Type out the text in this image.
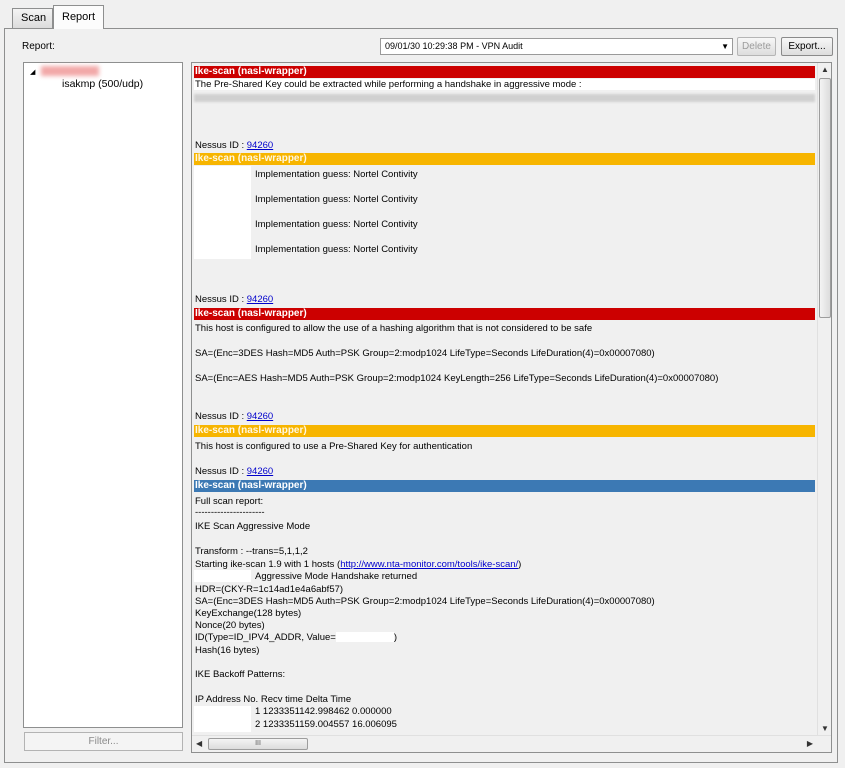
Scan	Report
Report:	09/01/30 10:29:38 PM - VPN Audit	▼	Delete	Export...
◢
isakmp (500/udp)
Filter...
Ike-scan (nasl-wrapper)
The Pre-Shared Key could be extracted while performing a handshake in aggressive mode :
Nessus ID : 94260
Ike-scan (nasl-wrapper)
Implementation guess: Nortel Contivity
Implementation guess: Nortel Contivity
Implementation guess: Nortel Contivity
Implementation guess: Nortel Contivity
Nessus ID : 94260
Ike-scan (nasl-wrapper)
This host is configured to allow the use of a hashing algorithm that is not considered to be safe
SA=(Enc=3DES Hash=MD5 Auth=PSK Group=2:modp1024 LifeType=Seconds LifeDuration(4)=0x00007080)
SA=(Enc=AES Hash=MD5 Auth=PSK Group=2:modp1024 KeyLength=256 LifeType=Seconds LifeDuration(4)=0x00007080)
Nessus ID : 94260
Ike-scan (nasl-wrapper)
This host is configured to use a Pre-Shared Key for authentication
Nessus ID : 94260
Ike-scan (nasl-wrapper)
Full scan report:
----------------------
IKE Scan Aggressive Mode
Transform : --trans=5,1,1,2
Starting ike-scan 1.9 with 1 hosts (http://www.nta-monitor.com/tools/ike-scan/)
Aggressive Mode Handshake returned
HDR=(CKY-R=1c14ad1e4a6abf57)
SA=(Enc=3DES Hash=MD5 Auth=PSK Group=2:modp1024 LifeType=Seconds LifeDuration(4)=0x00007080)
KeyExchange(128 bytes)
Nonce(20 bytes)
ID(Type=ID_IPV4_ADDR, Value=	)
Hash(16 bytes)
IKE Backoff Patterns:
IP Address No. Recv time Delta Time
1 1233351142.998462 0.000000
2 1233351159.004557 16.006095
▲
▼
◀	III	▶
